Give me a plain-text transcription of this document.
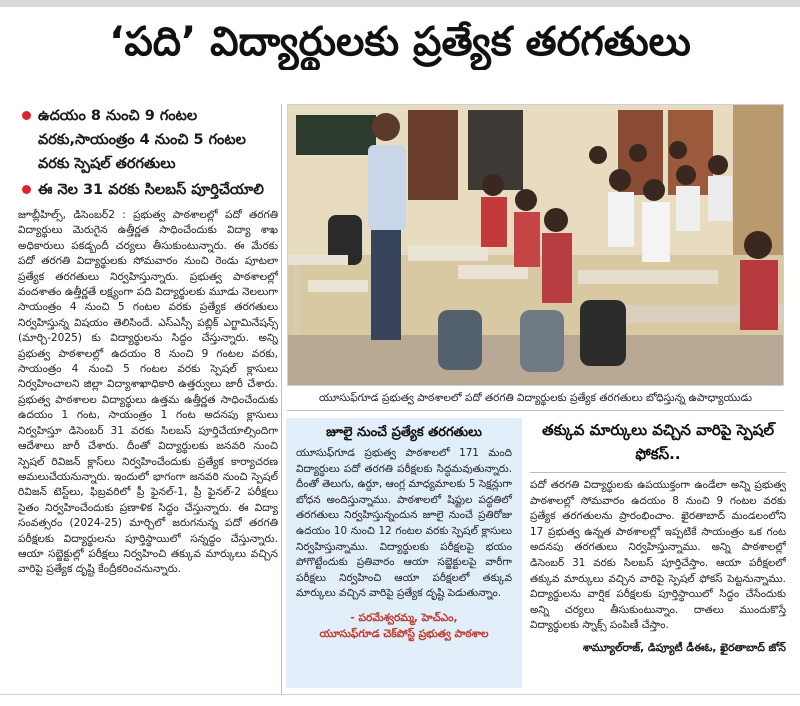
‘పది’ విద్యార్థులకు ప్రత్యేక తరగతులు
ఉదయం 8 నుంచి 9 గంటల వరకు,సాయంత్రం 4 నుంచి 5 గంటల వరకు స్పెషల్ తరగతులు
ఈ నెల 31 వరకు సిలబస్ పూర్తిచేయాలి

జూబ్లీహిల్స్, డిసెంబర్2 : ప్రభుత్వ పాఠశాలల్లో పదో తరగతి విద్యార్థులు మెరుగైన ఉత్తీర్ణత సాధించేందుకు విద్యా శాఖ అధికారులు పకడ్బందీ చర్యలు తీసుకుంటున్నారు. ఈ మేరకు పదో తరగతి విద్యార్థులకు సోమవారం నుంచి రెండు పూటలా ప్రత్యేక తరగతులు నిర్వహిస్తున్నారు. ప్రభుత్వ పాఠశాలల్లో వందశాతం ఉత్తీర్ణతే లక్ష్యంగా పది విద్యార్థులకు మూడు నెలలుగా సాయంత్రం 4 నుంచి 5 గంటల వరకు ప్రత్యేక తరగతులు నిర్వహిస్తున్న విషయం తెలిసిందే. ఎస్ఎస్సీ పబ్లిక్ ఎగ్జామినేషన్స్ (మార్చి-2025) కు విద్యార్థులను సిద్ధం చేస్తున్నారు. అన్ని ప్రభుత్వ పాఠశాలల్లో ఉదయం 8 నుంచి 9 గంటల వరకు, సాయంత్రం 4 నుంచి 5 గంటల వరకు స్పెషల్ క్లాసులు నిర్వహించాలని జిల్లా విద్యాశాఖాధికారి ఉత్తర్వులు జారీ చేశారు. ప్రభుత్వ పాఠశాలల విద్యార్థులు ఉత్తమ ఉత్తీర్ణత సాధించేందుకు ఉదయం 1 గంట, సాయంత్రం 1 గంట అదనపు క్లాసులు నిర్వహిస్తూ డిసెంబర్ 31 వరకు సిలబస్ పూర్తిచేయాల్సిందిగా ఆదేశాలు జారీ చేశారు. దీంతో విద్యార్థులకు జనవరి నుంచి స్పెషల్ రివిజన్ క్లాస్‌లు నిర్వహించేందుకు ప్రత్యేక కార్యాచరణ అమలుచేయనున్నారు. ఇందులో భాగంగా జనవరి నుంచి స్పెషల్ రివిజన్ టెస్ట్‌లు, ఫిబ్రవరిలో ప్రీ ఫైనల్-1, ప్రీ ఫైనల్-2 పరీక్షలు సైతం నిర్వహించేందుకు ప్రణాళిక సిద్ధం చేస్తున్నారు. ఈ విద్యా సంవత్సరం (2024-25) మార్చిలో జరుగనున్న పదో తరగతి పరీక్షలకు విద్యార్థులను పూర్తిస్థాయిలో సన్నద్ధం చేస్తున్నారు. ఆయా సబ్జెక్టుల్లో పరీక్షలు నిర్వహించి తక్కువ మార్కులు వచ్చిన వారిపై ప్రత్యేక దృష్టి కేంద్రీకరించనున్నారు.

యూసుఫ్‌గూడ ప్రభుత్వ పాఠశాలలో పదో తరగతి విద్యార్థులకు ప్రత్యేక తరగతులు బోధిస్తున్న ఉపాధ్యాయుడు
జూలై నుంచే ప్రత్యేక తరగతులు
యూసుఫ్‌గూడ ప్రభుత్వ పాఠశాలలో 171 మంది విద్యార్థులు పదో తరగతి పరీక్షలకు సిద్ధమవుతున్నారు. దీంతో తెలుగు, ఉర్దూ, ఆంగ్ల మాధ్యమాలకు 5 సెక్షన్లుగా బోధన అందిస్తున్నాము. పాఠశాలలో షిఫ్టుల పద్ధతిలో తరగతులు నిర్వహిస్తున్నందున జూలై నుంచే ప్రతిరోజు ఉదయం 10 నుంచి 12 గంటల వరకు స్పెషల్ క్లాసులు నిర్వహిస్తున్నాము. విద్యార్థులకు పరీక్షలపై భయం పోగొట్టేందుకు ప్రతివారం ఆయా సబ్జెక్టులపై వారీగా పరీక్షలు నిర్వహించి ఆయా పరీక్షలలో తక్కువ మార్కులు వచ్చిన వారిపై ప్రత్యేక దృష్టి పెడుతున్నాం.
- పరమేశ్వరమ్మ, హెచ్ఎం,
యూసుఫ్‌గూడ చెక్‌పోస్ట్ ప్రభుత్వ పాఠశాల
తక్కువ మార్కులు వచ్చిన వారిపై స్పెషల్ ఫోకస్..
పదో తరగతి విద్యార్థులకు ఉపయుక్తంగా ఉండేలా అన్ని ప్రభుత్వ పాఠశాలల్లో సోమవారం ఉదయం 8 నుంచి 9 గంటల వరకు ప్రత్యేక తరగతులను ప్రారంభించాం. ఖైరతాబాద్ మండలంలోని 17 ప్రభుత్వ ఉన్నత పాఠశాలల్లో ఇప్పటికే సాయంత్రం ఒక గంట అదనపు తరగతులు నిర్వహిస్తున్నాము. అన్ని పాఠశాలల్లో డిసెంబర్ 31 వరకు సిలబస్ పూర్తిచేస్తాం. ఆయా పరీక్షలలో తక్కువ మార్కులు వచ్చిన వారిపై స్పెషల్ ఫోకస్ పెట్టనున్నాము. విద్యార్థులను వార్షిక పరీక్షలకు పూర్తిస్థాయిలో సిద్ధం చేసేందుకు అన్ని చర్యలు తీసుకుంటున్నాం. దాతలు ముందుకొస్తే విద్యార్థులకు స్నాక్స్ పంపిణీ చేస్తాం.
శామ్యూల్‌రాజ్, డిప్యూటీ డీఈఓ, ఖైరతాబాద్ జోన్
